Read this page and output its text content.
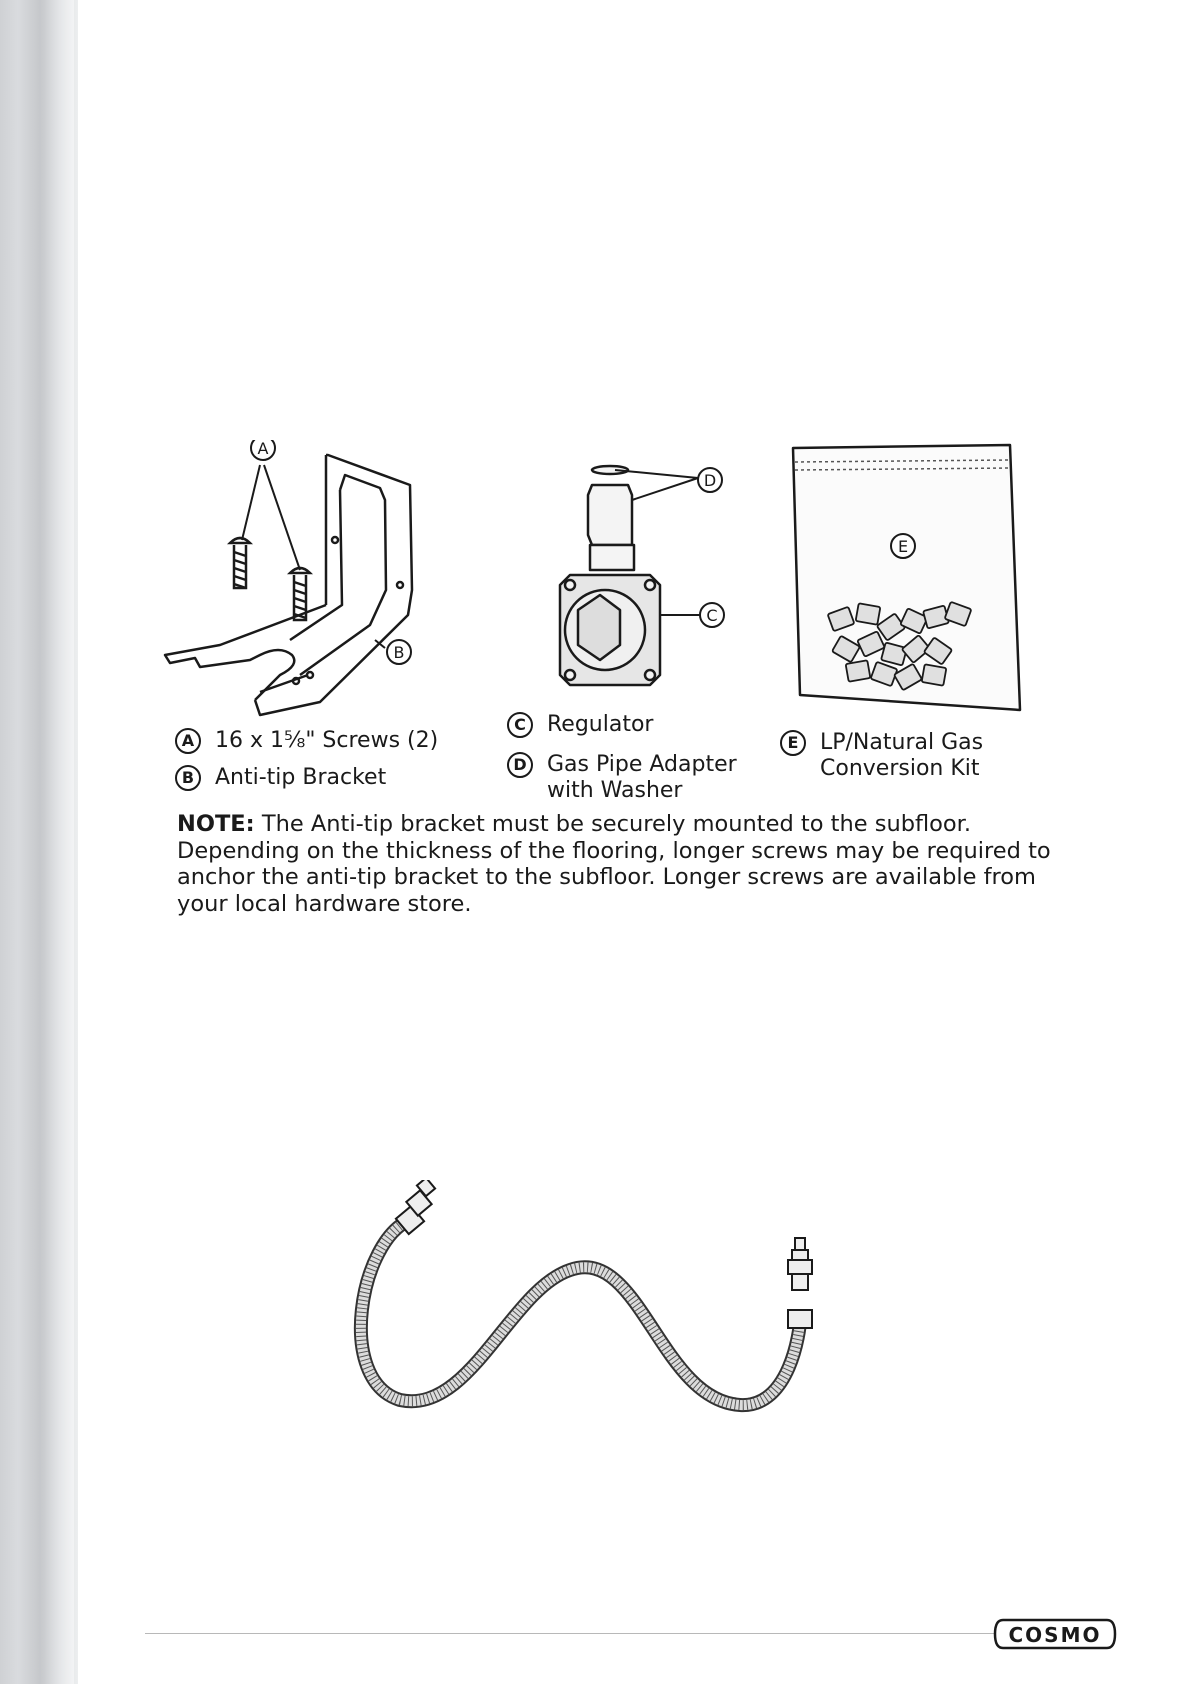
A
B
D
C
E
A 16 x 1⅝" Screws (2)
B Anti-tip Bracket
C Regulator
D Gas Pipe Adapter
with Washer
E LP/Natural Gas
Conversion Kit
NOTE: The Anti-tip bracket must be securely mounted to the subfloor. Depending on the thickness of the flooring, longer screws may be required to anchor the anti-tip bracket to the subfloor. Longer screws are available from your local hardware store.
COSMO
